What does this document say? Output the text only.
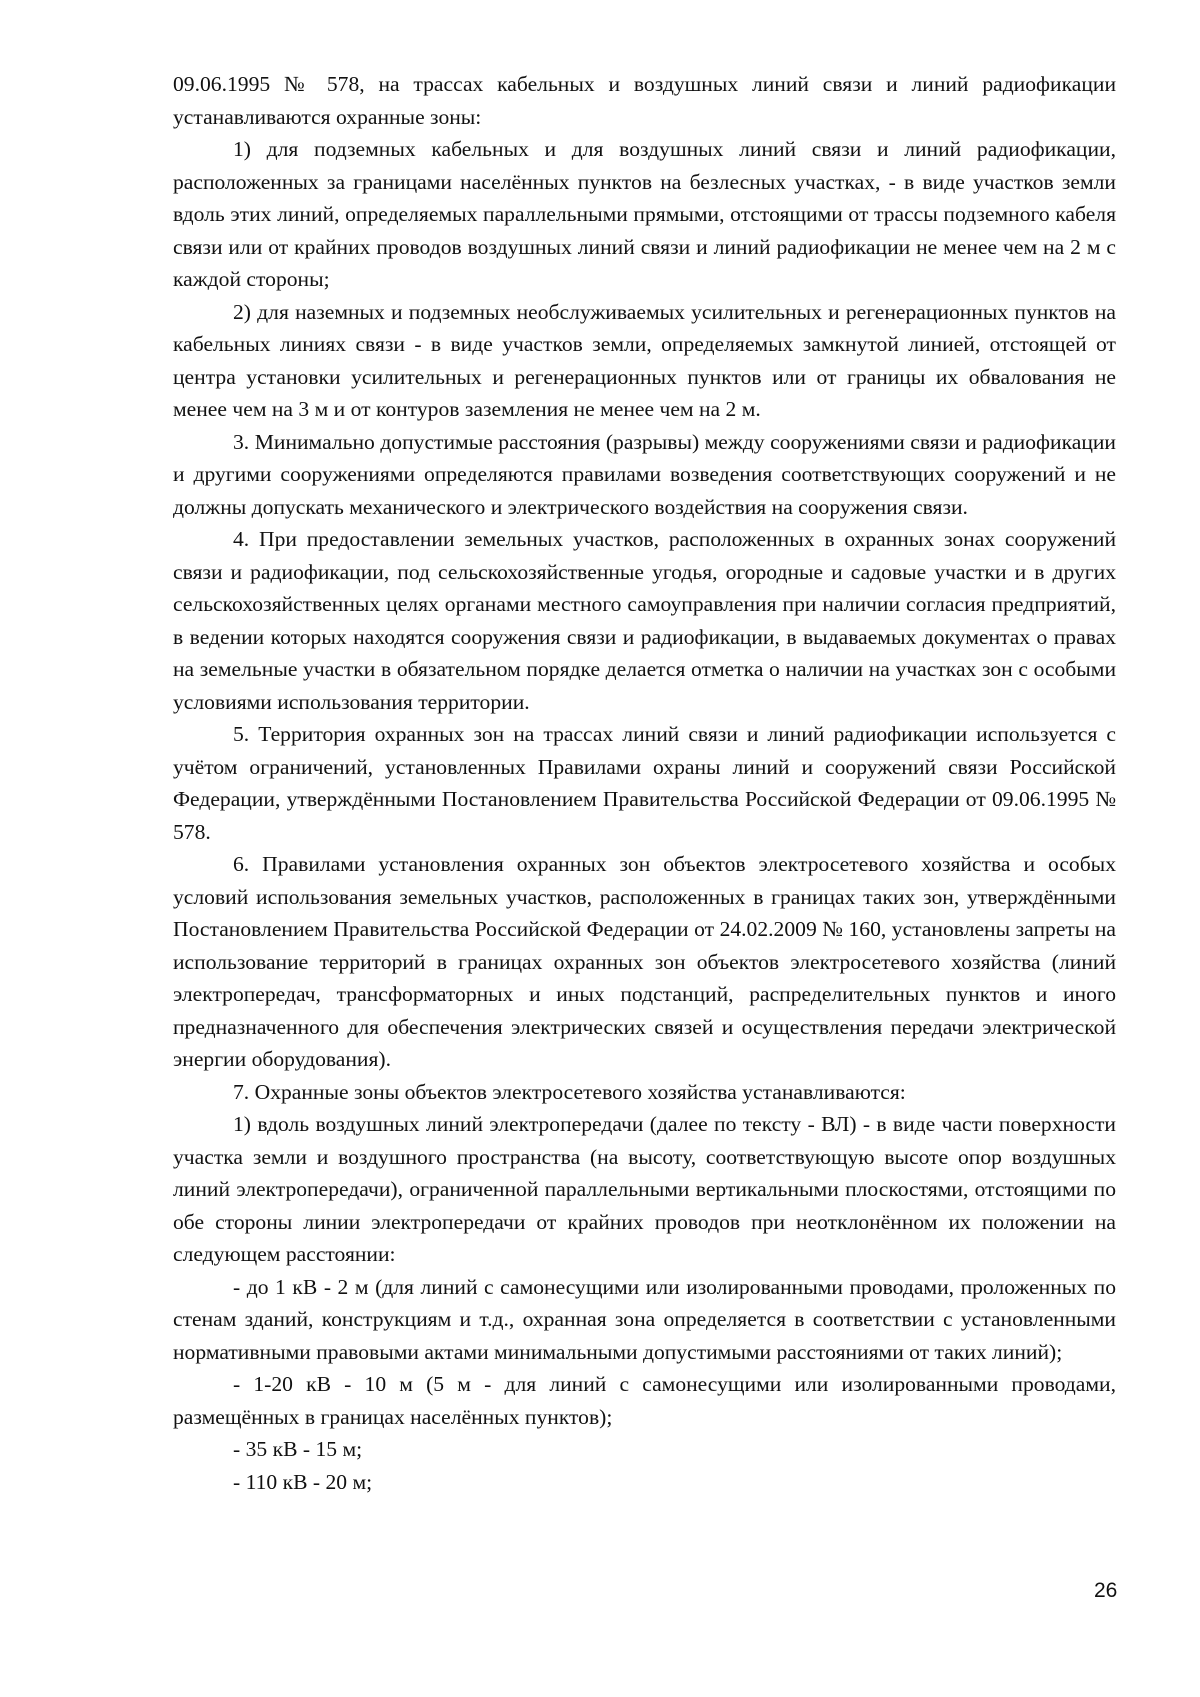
09.06.1995 № 578, на трассах кабельных и воздушных линий связи и линий радиофикации устанавливаются охранные зоны:

1) для подземных кабельных и для воздушных линий связи и линий радиофикации, расположенных за границами населённых пунктов на безлесных участках, - в виде участков земли вдоль этих линий, определяемых параллельными прямыми, отстоящими от трассы подземного кабеля связи или от крайних проводов воздушных линий связи и линий радиофикации не менее чем на 2 м с каждой стороны;

2) для наземных и подземных необслуживаемых усилительных и регенерационных пунктов на кабельных линиях связи - в виде участков земли, определяемых замкнутой линией, отстоящей от центра установки усилительных и регенерационных пунктов или от границы их обвалования не менее чем на 3 м и от контуров заземления не менее чем на 2 м.

3. Минимально допустимые расстояния (разрывы) между сооружениями связи и радиофикации и другими сооружениями определяются правилами возведения соответствующих сооружений и не должны допускать механического и электрического воздействия на сооружения связи.

4. При предоставлении земельных участков, расположенных в охранных зонах сооружений связи и радиофикации, под сельскохозяйственные угодья, огородные и садовые участки и в других сельскохозяйственных целях органами местного самоуправления при наличии согласия предприятий, в ведении которых находятся сооружения связи и радиофикации, в выдаваемых документах о правах на земельные участки в обязательном порядке делается отметка о наличии на участках зон с особыми условиями использования территории.

5. Территория охранных зон на трассах линий связи и линий радиофикации используется с учётом ограничений, установленных Правилами охраны линий и сооружений связи Российской Федерации, утверждёнными Постановлением Правительства Российской Федерации от 09.06.1995 № 578.

6. Правилами установления охранных зон объектов электросетевого хозяйства и особых условий использования земельных участков, расположенных в границах таких зон, утверждёнными Постановлением Правительства Российской Федерации от 24.02.2009 № 160, установлены запреты на использование территорий в границах охранных зон объектов электросетевого хозяйства (линий электропередач, трансформаторных и иных подстанций, распределительных пунктов и иного предназначенного для обеспечения электрических связей и осуществления передачи электрической энергии оборудования).

7. Охранные зоны объектов электросетевого хозяйства устанавливаются:

1) вдоль воздушных линий электропередачи (далее по тексту - ВЛ) - в виде части поверхности участка земли и воздушного пространства (на высоту, соответствующую высоте опор воздушных линий электропередачи), ограниченной параллельными вертикальными плоскостями, отстоящими по обе стороны линии электропередачи от крайних проводов при неотклонённом их положении на следующем расстоянии:

- до 1 кВ - 2 м (для линий с самонесущими или изолированными проводами, проложенных по стенам зданий, конструкциям и т.д., охранная зона определяется в соответствии с установленными нормативными правовыми актами минимальными допустимыми расстояниями от таких линий);

- 1-20 кВ - 10 м (5 м - для линий с самонесущими или изолированными проводами, размещённых в границах населённых пунктов);

- 35 кВ - 15 м;

- 110 кВ - 20 м;

26
